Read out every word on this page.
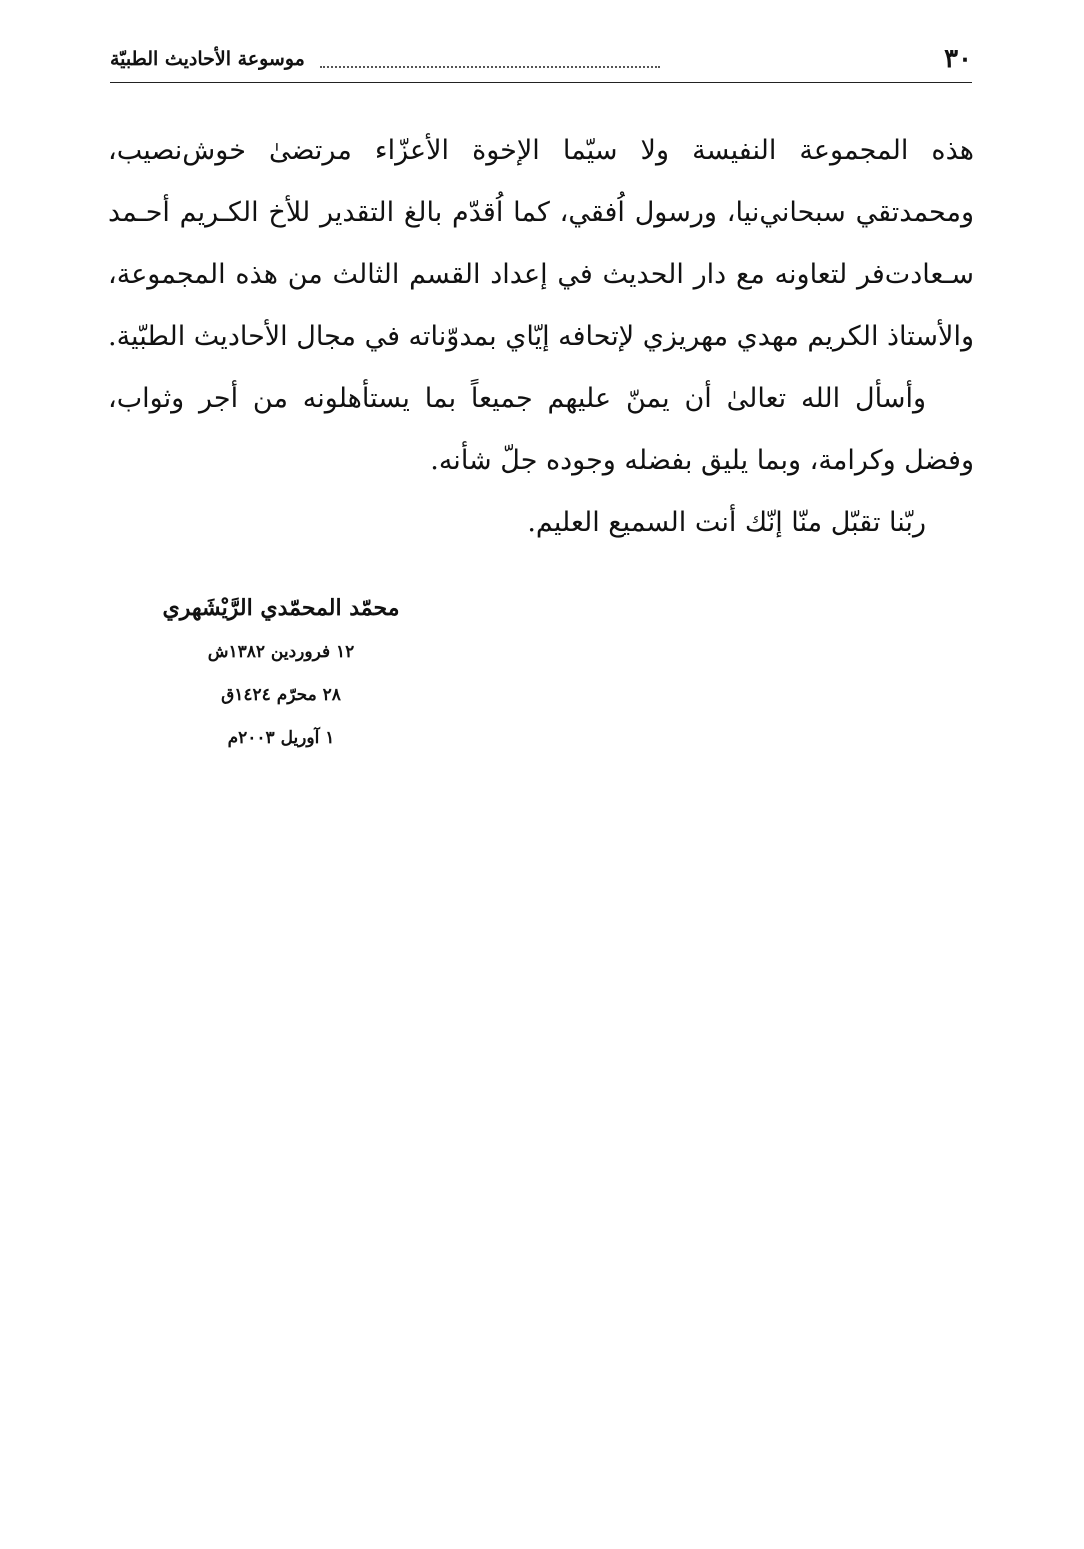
٣٠
موسوعة الأحاديث الطبيّة

هذه المجموعة النفيسة ولا سيّما الإخوة الأعزّاء مرتضىٰ خوش‌نصيب، ومحمدتقي سبحاني‌نيا، ورسول اُفقي، كما اُقدّم بالغ التقدير للأخ الكـريم أحـمد سـعادت‌فر لتعاونه مع دار الحديث في إعداد القسم الثالث من هذه المجموعة، والأستاذ الكريم مهدي مهريزي لإتحافه إيّاي بمدوّناته في مجال الأحاديث الطبّية.

وأسأل الله تعالىٰ أن يمنّ عليهم جميعاً بما يستأهلونه من أجر وثواب، وفضل وكرامة، وبما يليق بفضله وجوده جلّ شأنه.

ربّنا تقبّل منّا إنّك أنت السميع العليم.

محمّد المحمّدي الرَّيْشَهري
١٢ فروردين ١٣٨٢ش
٢٨ محرّم ١٤٢٤ق
١ آوريل ٢٠٠٣م
